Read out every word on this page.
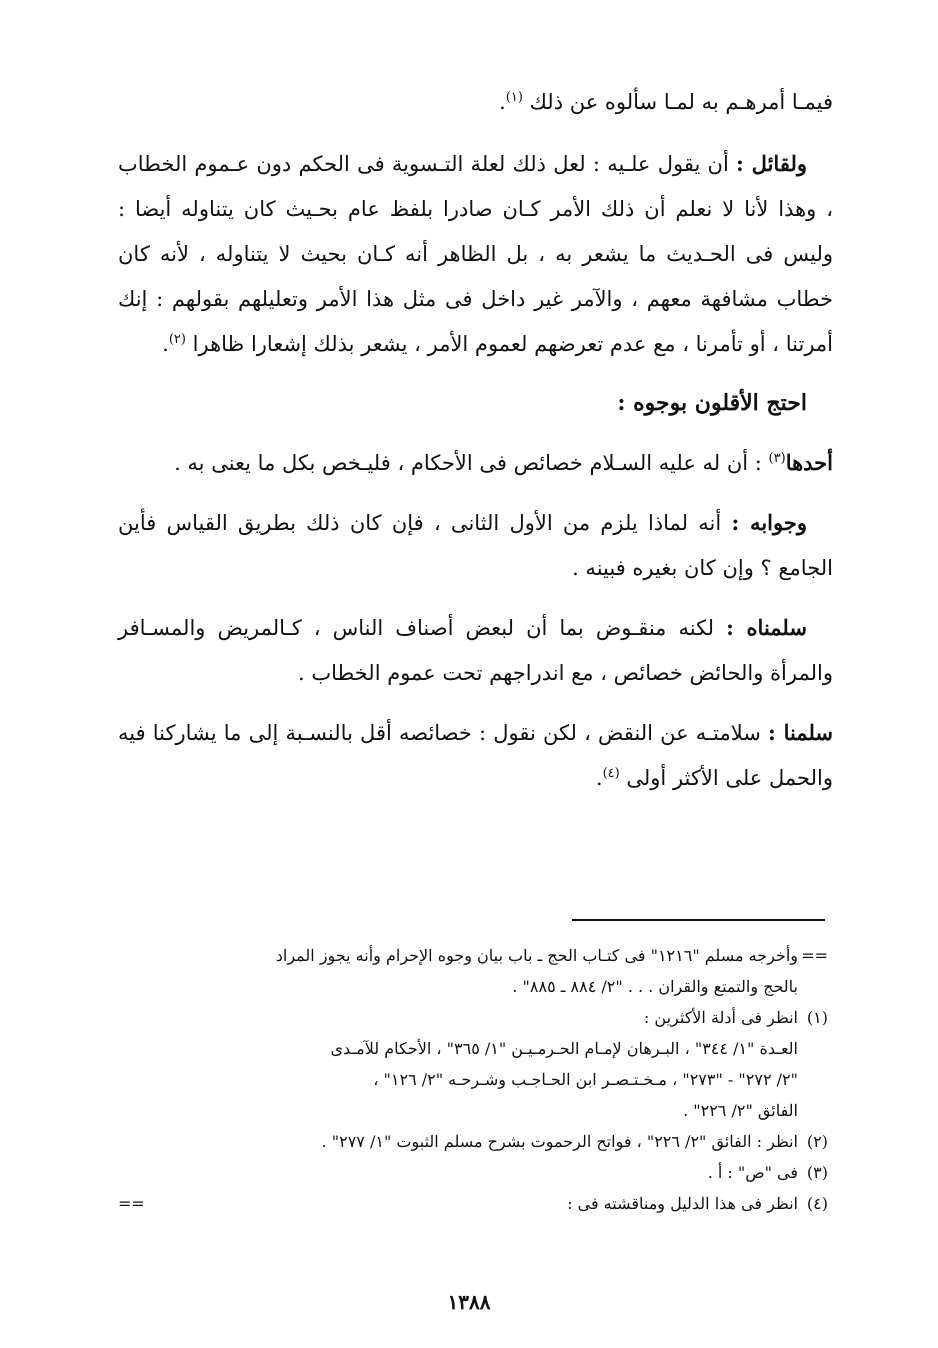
فيمـا أمرهـم به لمـا سألوه عن ذلك $^{(١)}$.

ولقائل : أن يقول علـيه : لعل ذلك لعلة التـسوية فى الحكم دون عـموم الخطاب ، وهذا لأنا لا نعلم أن ذلك الأمر كـان صادرا بلفظ عام بحـيث كان يتناوله أيضا : وليس فى الحـديث ما يشعر به ، بل الظاهر أنه كـان بحيث لا يتناوله ، لأنه كان خطاب مشافهة معهم ، والآمر غير داخل فى مثل هذا الأمر وتعليلهم بقولهم : إنك أمرتنا ، أو تأمرنا ، مع عدم تعرضهم لعموم الأمر ، يشعر بذلك إشعارا ظاهرا $^{(٢)}$.

احتج الأقلون بوجوه :

أحدها$^{(٣)}$ : أن له عليه السـلام خصائص فى الأحكام ، فليـخص بكل ما يعنى به .

وجوابه : أنه لماذا يلزم من الأول الثانى ، فإن كان ذلك بطريق القياس فأين الجامع ؟ وإن كان بغيره فبينه .

سلمناه : لكنه منقـوض بما أن لبعض أصناف الناس ، كـالمريض والمسـافر والمرأة والحائض خصائص ، مع اندراجهم تحت عموم الخطاب .

سلمنا : سلامتـه عن النقض ، لكن نقول : خصائصه أقل بالنسـبة إلى ما يشاركنا فيه والحمل على الأكثر أولى $^{(٤)}$.

==
وأخرجه مسلم "١٢١٦" فى كتـاب الحج ـ باب بيان وجوه الإحرام وأنه يجوز المراد
بالحج والتمتع والقران . . . "٢/ ٨٨٤ ـ ٨٨٥" .
(١)
انظر فى أدلة الأكثرين :
العـدة "١/ ٣٤٤" ، البـرهان لإمـام الحـرمـيـن "١/ ٣٦٥" ، الأحكام للآمـدى
"٢/ ٢٧٢" - "٢٧٣" ، مـخـتـصـر ابن الحـاجـب وشـرحـه "٢/ ١٢٦" ،
الفائق "٢/ ٢٢٦" .
(٢)
انظر : الفائق "٢/ ٢٢٦" ، فواتح الرحموت بشرح مسلم الثبوت "١/ ٢٧٧" .
(٣)
فى "ص" : أ .
(٤)
انظر فى هذا الدليل ومناقشته فى :
==
١٣٨٨
